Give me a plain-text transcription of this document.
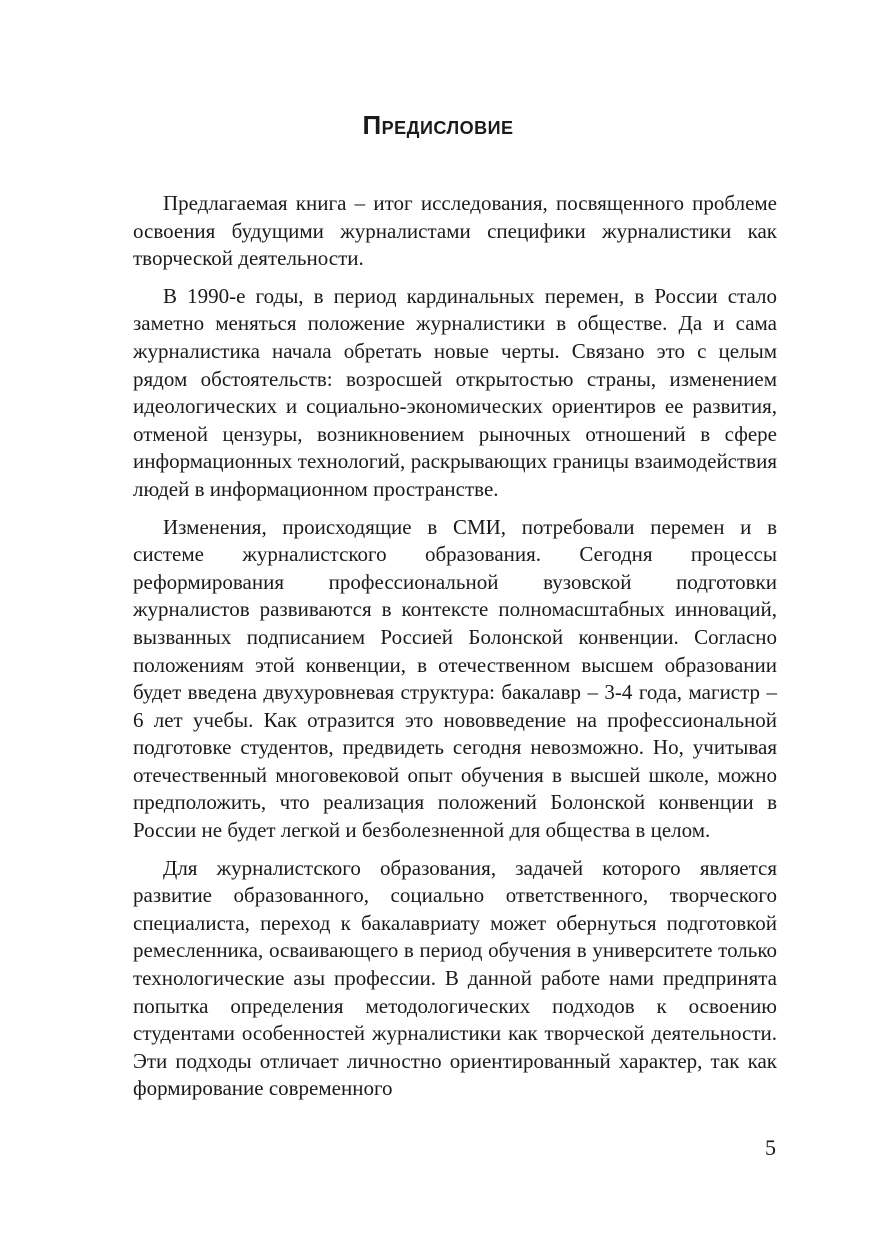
Предисловие

Предлагаемая книга – итог исследования, посвященного проблеме освоения будущими журналистами специфики журналистики как творческой деятельности.

В 1990-е годы, в период кардинальных перемен, в России стало заметно меняться положение журналистики в обществе. Да и сама журналистика начала обретать новые черты. Связано это с целым рядом обстоятельств: возросшей открытостью страны, изменением идеологических и социально-экономических ориентиров ее развития, отменой цензуры, возникновением рыночных отношений в сфере информационных технологий, раскрывающих границы взаимодействия людей в информационном пространстве.

Изменения, происходящие в СМИ, потребовали перемен и в системе журналистского образования. Сегодня процессы реформирования профессиональной вузовской подготовки журналистов развиваются в контексте полномасштабных инноваций, вызванных подписанием Россией Болонской конвенции. Согласно положениям этой конвенции, в отечественном высшем образовании будет введена двухуровневая структура: бакалавр – 3-4 года, магистр – 6 лет учебы. Как отразится это нововведение на профессиональной подготовке студентов, предвидеть сегодня невозможно. Но, учитывая отечественный многовековой опыт обучения в высшей школе, можно предположить, что реализация положений Болонской конвенции в России не будет легкой и безболезненной для общества в целом.

Для журналистского образования, задачей которого является развитие образованного, социально ответственного, творческого специалиста, переход к бакалавриату может обернуться подготовкой ремесленника, осваивающего в период обучения в университете только технологические азы профессии. В данной работе нами предпринята попытка определения методологических подходов к освоению студентами особенностей журналистики как творческой деятельности. Эти подходы отличает личностно ориентированный характер, так как формирование современного

5
